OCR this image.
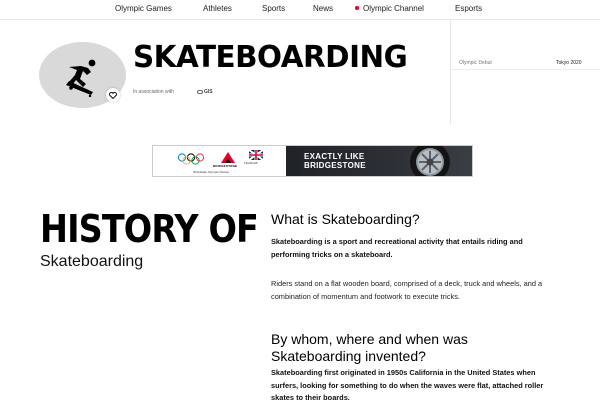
Olympic Games	Athletes	Sports	News	Olympic Channel	Esports
SKATEBOARDING
In association with	GIS
Olympic Debut	Tokyo 2020
BRIDGESTONE
TEAM GB
Worldwide Olympic Partner
EXACTLY LIKE
BRIDGESTONE
HISTORY OF
Skateboarding
What is Skateboarding?
Skateboarding is a sport and recreational activity that entails riding and performing tricks on a skateboard.
Riders stand on a flat wooden board, comprised of a deck, truck and wheels, and a combination of momentum and footwork to execute tricks.
By whom, where and when was Skateboarding invented?
Skateboarding first originated in 1950s California in the United States when surfers, looking for something to do when the waves were flat, attached roller skates to their boards.
